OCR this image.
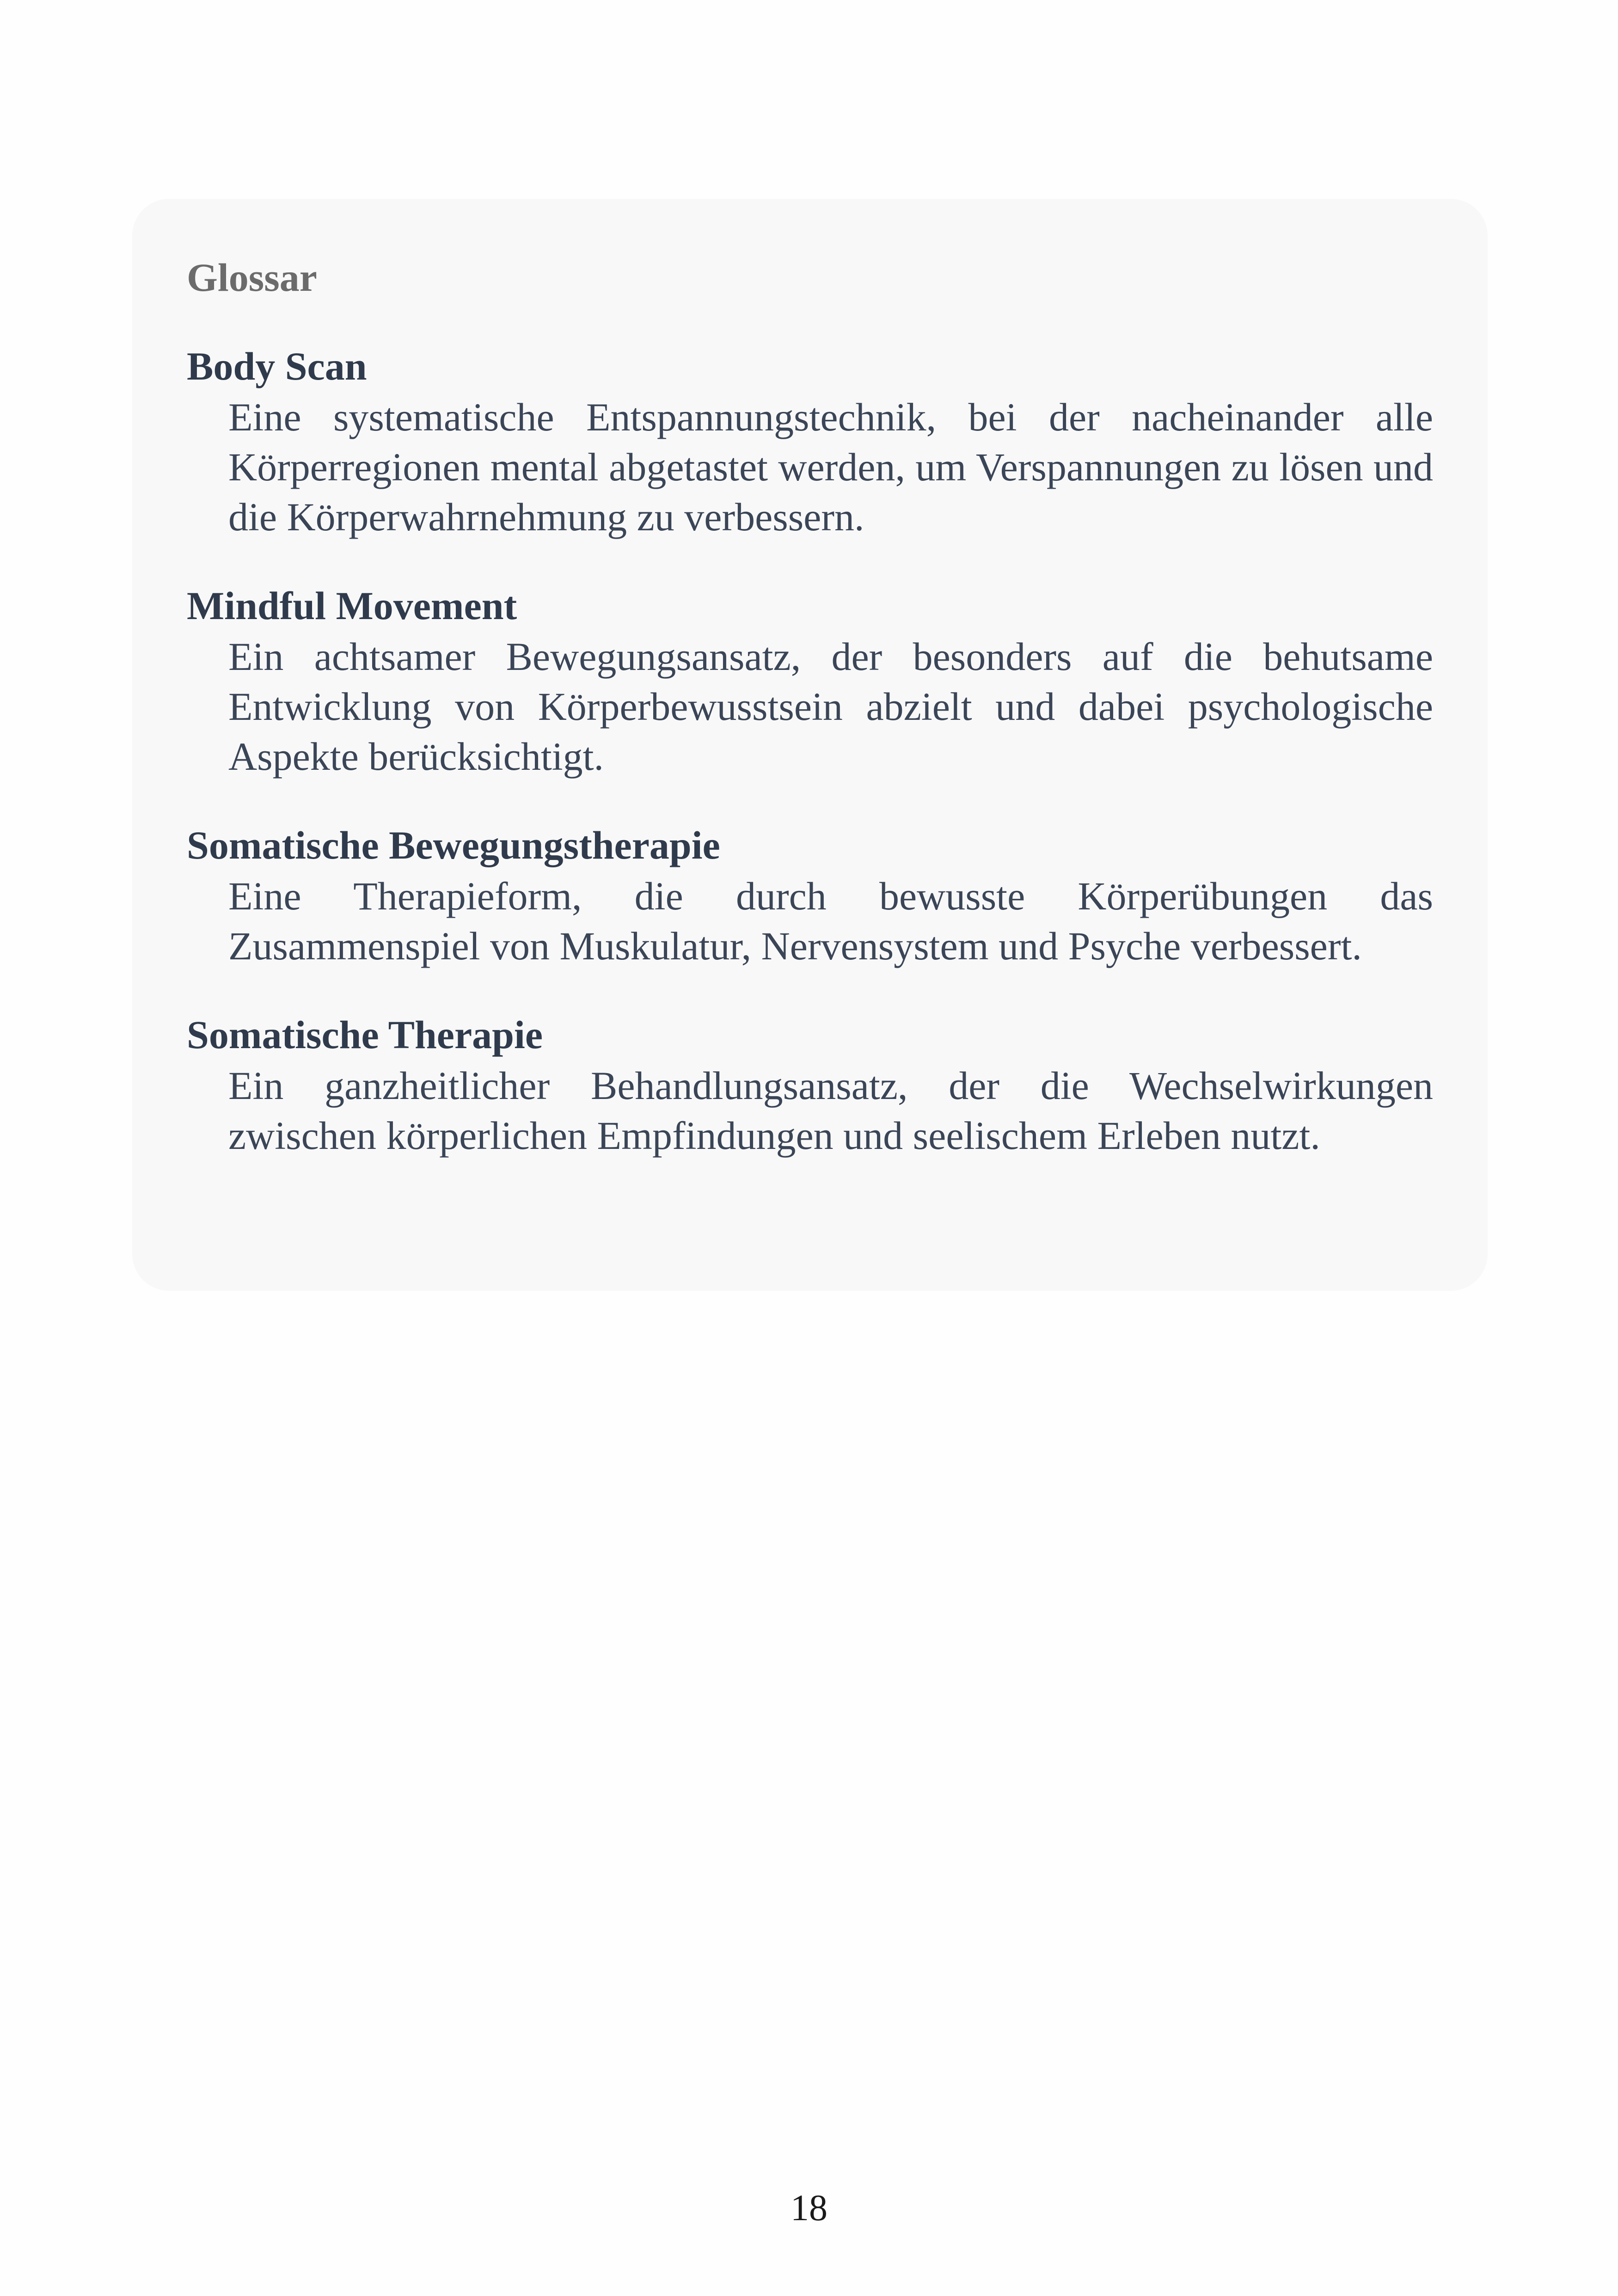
Glossar
Body Scan
Eine systematische Entspannungstechnik, bei der nacheinander alle Körperregionen mental abgetastet werden, um Verspannungen zu lösen und die Körperwahrnehmung zu verbessern.
Mindful Movement
Ein achtsamer Bewegungsansatz, der besonders auf die behutsame Entwicklung von Körperbewusstsein abzielt und dabei psychologische Aspekte berücksichtigt.
Somatische Bewegungstherapie
Eine Therapieform, die durch bewusste Körperübungen das Zusammenspiel von Muskulatur, Nervensystem und Psyche verbessert.
Somatische Therapie
Ein ganzheitlicher Behandlungsansatz, der die Wechselwirkungen zwischen körperlichen Empfindungen und seelischem Erleben nutzt.
18
